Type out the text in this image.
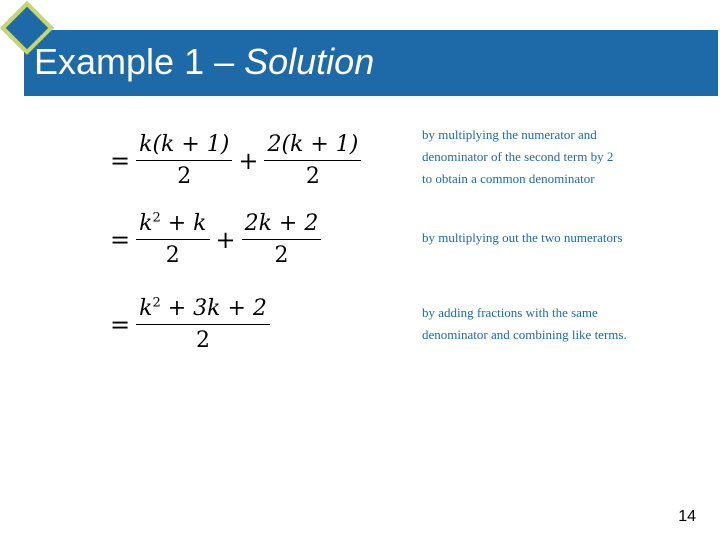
cont’d
Example 1 – Solution
= $\frac{k(k + 1)}{2} + \frac{2(k + 1)}{2}$	by multiplying the numerator and
denominator of the second term by 2
to obtain a common denominator
= $\frac{k^2 + k}{2} + \frac{2k + 2}{2}$	by multiplying out the two numerators
= $\frac{k^2 + 3k + 2}{2}$	by adding fractions with the same
denominator and combining like terms.
14
